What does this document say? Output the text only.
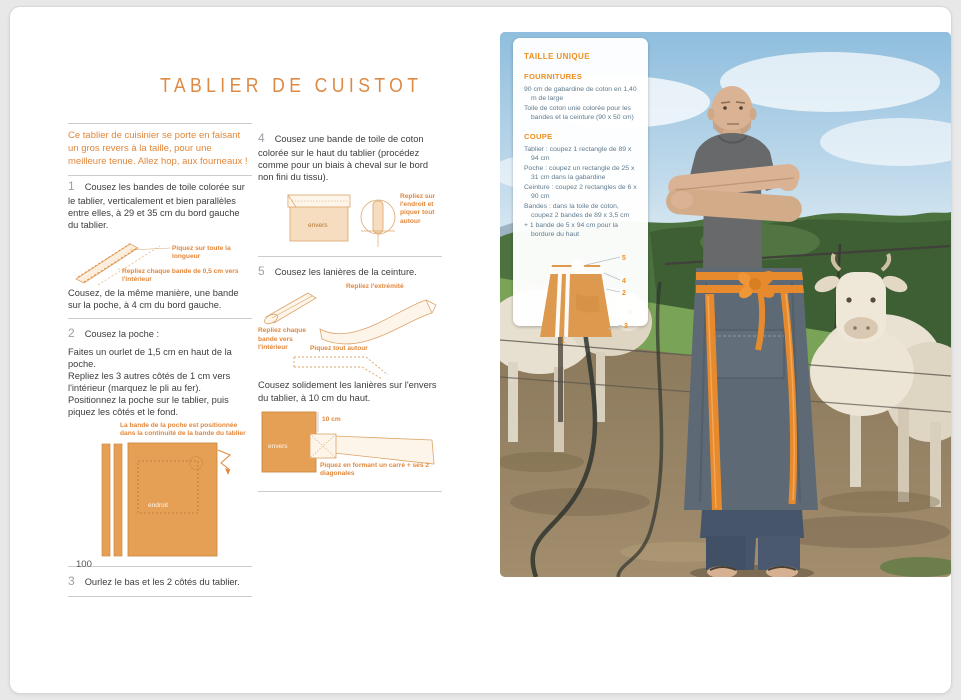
TABLIER DE CUISTOT
Ce tablier de cuisinier se porte en faisant un gros revers à la taille, pour une meilleure tenue. Allez hop, aux fourneaux !

1 Cousez les bandes de toile colorée sur le tablier, verticalement et bien parallèles entre elles, à 29 et 35 cm du bord gauche du tablier.

Piquez sur toute la longueur
Repliez chaque bande de 0,5 cm vers l'intérieur

Cousez, de la même manière, une bande sur la poche, à 4 cm du bord gauche.

2 Cousez la poche :

Faites un ourlet de 1,5 cm en haut de la poche.
Repliez les 3 autres côtés de 1 cm vers l'intérieur (marquez le pli au fer).
Positionnez la poche sur le tablier, puis piquez les côtés et le fond.
La bande de la poche est positionnée dans la continuité de la bande du tablier
endroit

3 Ourlez le bas et les 2 côtés du tablier.

4 Cousez une bande de toile de coton colorée sur le haut du tablier (procédez comme pour un biais à cheval sur le bord non fini du tissu).

envers
Repliez sur l'endroit et piquer tout autour

5 Cousez les lanières de la ceinture.

Repliez l'extrémité
Repliez chaque bande vers l'intérieur	Piquez tout autour

Cousez solidement les lanières sur l'envers du tablier, à 10 cm du haut.

envers
10 cm
Piquez en formant un carré + ses 2 diagonales
100
TAILLE UNIQUE
FOURNITURES
90 cm de gabardine de coton en 1,40 m de large
Toile de coton unie colorée pour les bandes et la ceinture (90 x 50 cm)
COUPE
Tablier : coupez 1 rectangle de 89 x 94 cm
Poche : coupez un rectangle de 25 x 31 cm dans la gabardine
Ceinture : coupez 2 rectangles de 6 x 90 cm
Bandes : dans la toile de coton, coupez 2 bandes de 89 x 3,5 cm
+ 1 bande de 5 x 94 cm pour la bordure du haut
5
4
2
3
1
